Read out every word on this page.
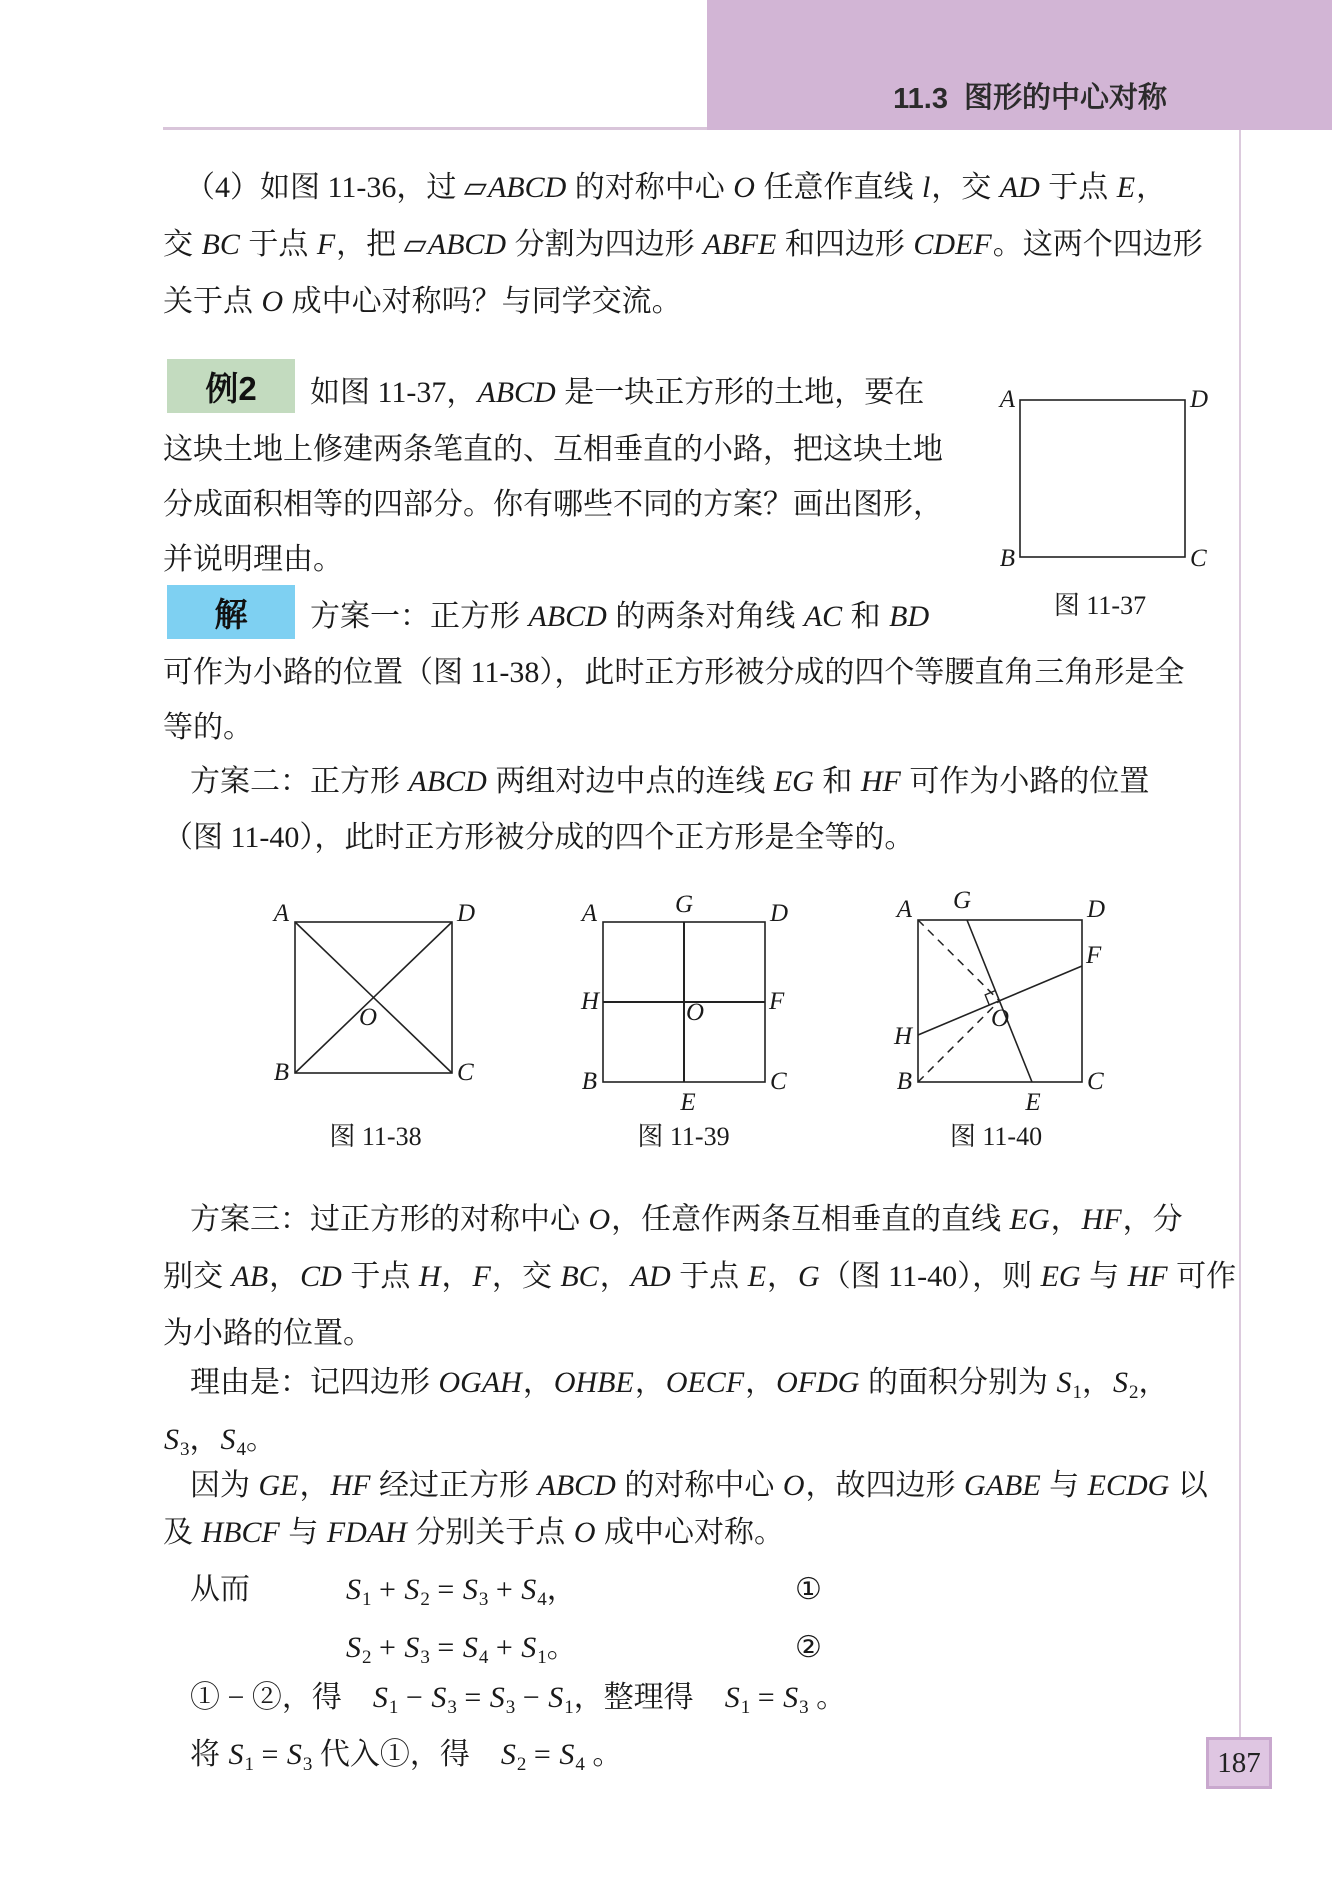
11.3 图形的中心对称
187
（4）如图 11-36，过 ▱ABCD 的对称中心 O 任意作直线 l，交 AD 于点 E，
交 BC 于点 F，把 ▱ABCD 分割为四边形 ABFE 和四边形 CDEF。这两个四边形
关于点 O 成中心对称吗？与同学交流。
例2	如图 11-37，ABCD 是一块正方形的土地，要在
这块土地上修建两条笔直的、互相垂直的小路，把这块土地
分成面积相等的四部分。你有哪些不同的方案？画出图形，
并说明理由。
A	D
B	C
图 11-37
解	方案一：正方形 ABCD 的两条对角线 AC 和 BD
可作为小路的位置（图 11-38），此时正方形被分成的四个等腰直角三角形是全
等的。
方案二：正方形 ABCD 两组对边中点的连线 EG 和 HF 可作为小路的位置
（图 11-40），此时正方形被分成的四个正方形是全等的。
A	D
B	C
O
图 11-38
A	D
B	C
G
E
H	F
O
图 11-39
A	D
B	C
G
E
H
F
O
图 11-40
方案三：过正方形的对称中心 O，任意作两条互相垂直的直线 EG，HF，分
别交 AB，CD 于点 H，F，交 BC，AD 于点 E，G（图 11-40），则 EG 与 HF 可作
为小路的位置。
理由是：记四边形 OGAH，OHBE，OECF，OFDG 的面积分别为 $S_1$，$S_2$，
$S_3$，$S_4$。
因为 GE，HF 经过正方形 ABCD 的对称中心 O，故四边形 GABE 与 ECDG 以
及 HBCF 与 FDAH 分别关于点 O 成中心对称。
从而	$S_1 + S_2 = S_3 + S_4$，	①
$S_2 + S_3 = S_4 + S_1$。	②
① − ②，得　$S_1 - S_3 = S_3 - S_1$，整理得　$S_1 = S_3$ 。
将 $S_1 = S_3$ 代入①，得　$S_2 = S_4$ 。
